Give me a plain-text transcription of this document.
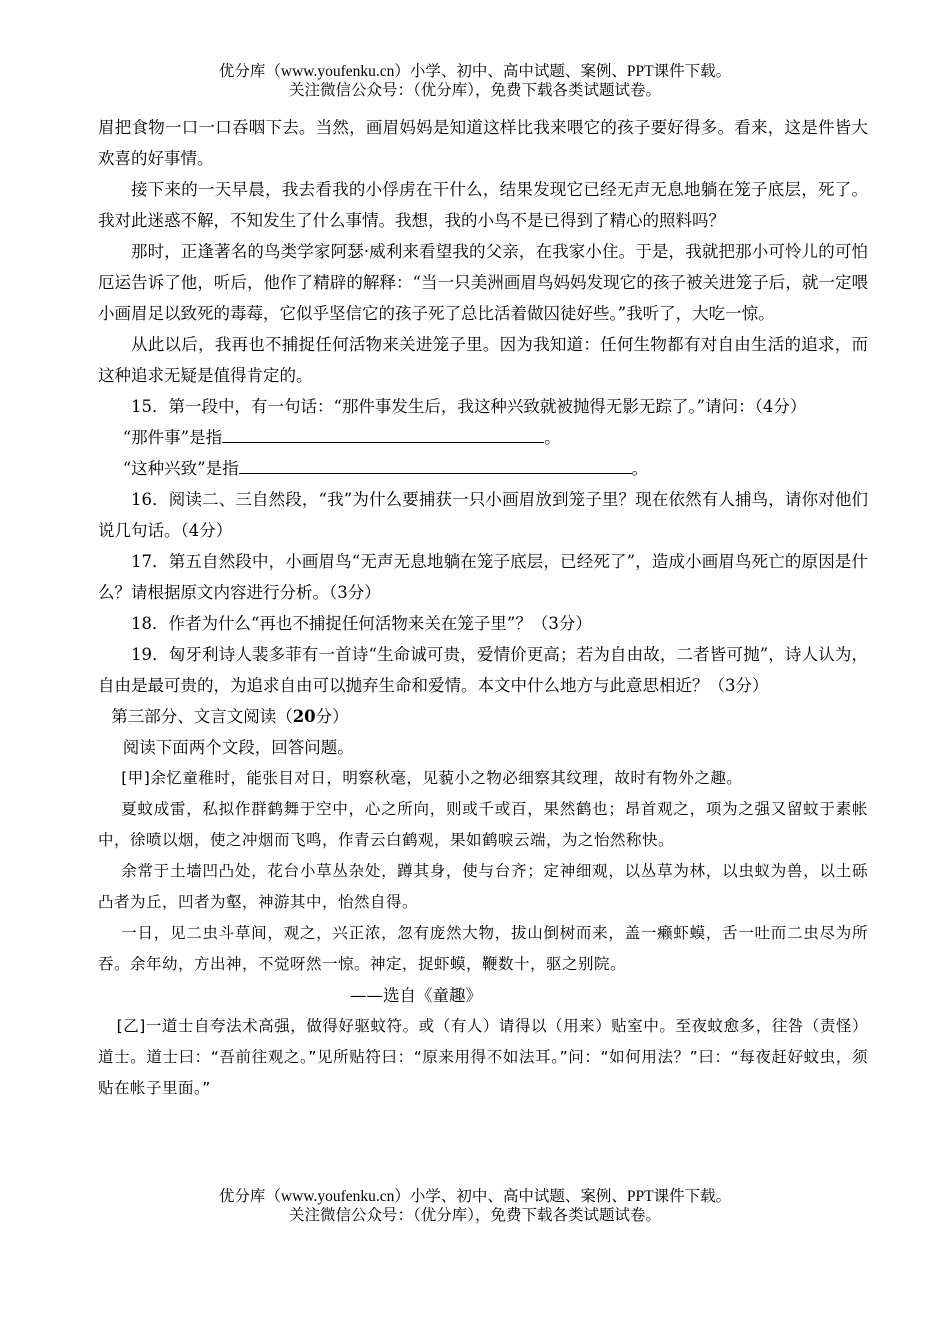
优分库（www.youfenku.cn）小学、初中、高中试题、案例、PPT课件下载。
关注微信公众号：（优分库），免费下载各类试题试卷。

眉把食物一口一口吞咽下去。当然，画眉妈妈是知道这样比我来喂它的孩子要好得多。看来，这是件皆大欢喜的好事情。

接下来的一天早晨，我去看我的小俘虏在干什么，结果发现它已经无声无息地躺在笼子底层，死了。我对此迷惑不解，不知发生了什么事情。我想，我的小鸟不是已得到了精心的照料吗？

那时，正逢著名的鸟类学家阿瑟·威利来看望我的父亲，在我家小住。于是，我就把那小可怜儿的可怕厄运告诉了他，听后，他作了精辟的解释：“当一只美洲画眉鸟妈妈发现它的孩子被关进笼子后，就一定喂小画眉足以致死的毒莓，它似乎坚信它的孩子死了总比活着做囚徒好些。”我听了，大吃一惊。

从此以后，我再也不捕捉任何活物来关进笼子里。因为我知道：任何生物都有对自由生活的追求，而这种追求无疑是值得肯定的。

15．第一段中，有一句话：“那件事发生后，我这种兴致就被抛得无影无踪了。”请问：（4分）

“那件事”是指	。

“这种兴致”是指	。

16．阅读二、三自然段，“我”为什么要捕获一只小画眉放到笼子里？现在依然有人捕鸟，请你对他们说几句话。（4分）

17．第五自然段中，小画眉鸟“无声无息地躺在笼子底层，已经死了”，造成小画眉鸟死亡的原因是什么？请根据原文内容进行分析。（3分）

18．作者为什么“再也不捕捉任何活物来关在笼子里”？（3分）

19．匈牙利诗人裴多菲有一首诗“生命诚可贵，爱情价更高；若为自由故，二者皆可抛”，诗人认为，自由是最可贵的，为追求自由可以抛弃生命和爱情。本文中什么地方与此意思相近？（3分）

第三部分、文言文阅读（20分）

阅读下面两个文段，回答问题。

[甲]余忆童稚时，能张目对日，明察秋毫，见藐小之物必细察其纹理，故时有物外之趣。

夏蚊成雷，私拟作群鹤舞于空中，心之所向，则或千或百，果然鹤也；昂首观之，项为之强又留蚊于素帐中，徐喷以烟，使之冲烟而飞鸣，作青云白鹤观，果如鹤唳云端，为之怡然称快。

余常于土墙凹凸处，花台小草丛杂处，蹲其身，使与台齐；定神细观，以丛草为林，以虫蚁为兽，以土砾凸者为丘，凹者为壑，神游其中，怡然自得。

一日，见二虫斗草间，观之，兴正浓，忽有庞然大物，拔山倒树而来，盖一癞虾蟆，舌一吐而二虫尽为所吞。余年幼，方出神，不觉呀然一惊。神定，捉虾蟆，鞭数十，驱之别院。

——选自《童趣》

[乙]一道士自夸法术高强，做得好驱蚊符。或（有人）请得以（用来）贴室中。至夜蚊愈多，往咎（责怪）道士。道士曰：“吾前往观之。”见所贴符曰：“原来用得不如法耳。”问：“如何用法？”曰：“每夜赶好蚊虫，须贴在帐子里面。”

优分库（www.youfenku.cn）小学、初中、高中试题、案例、PPT课件下载。
关注微信公众号：（优分库），免费下载各类试题试卷。
